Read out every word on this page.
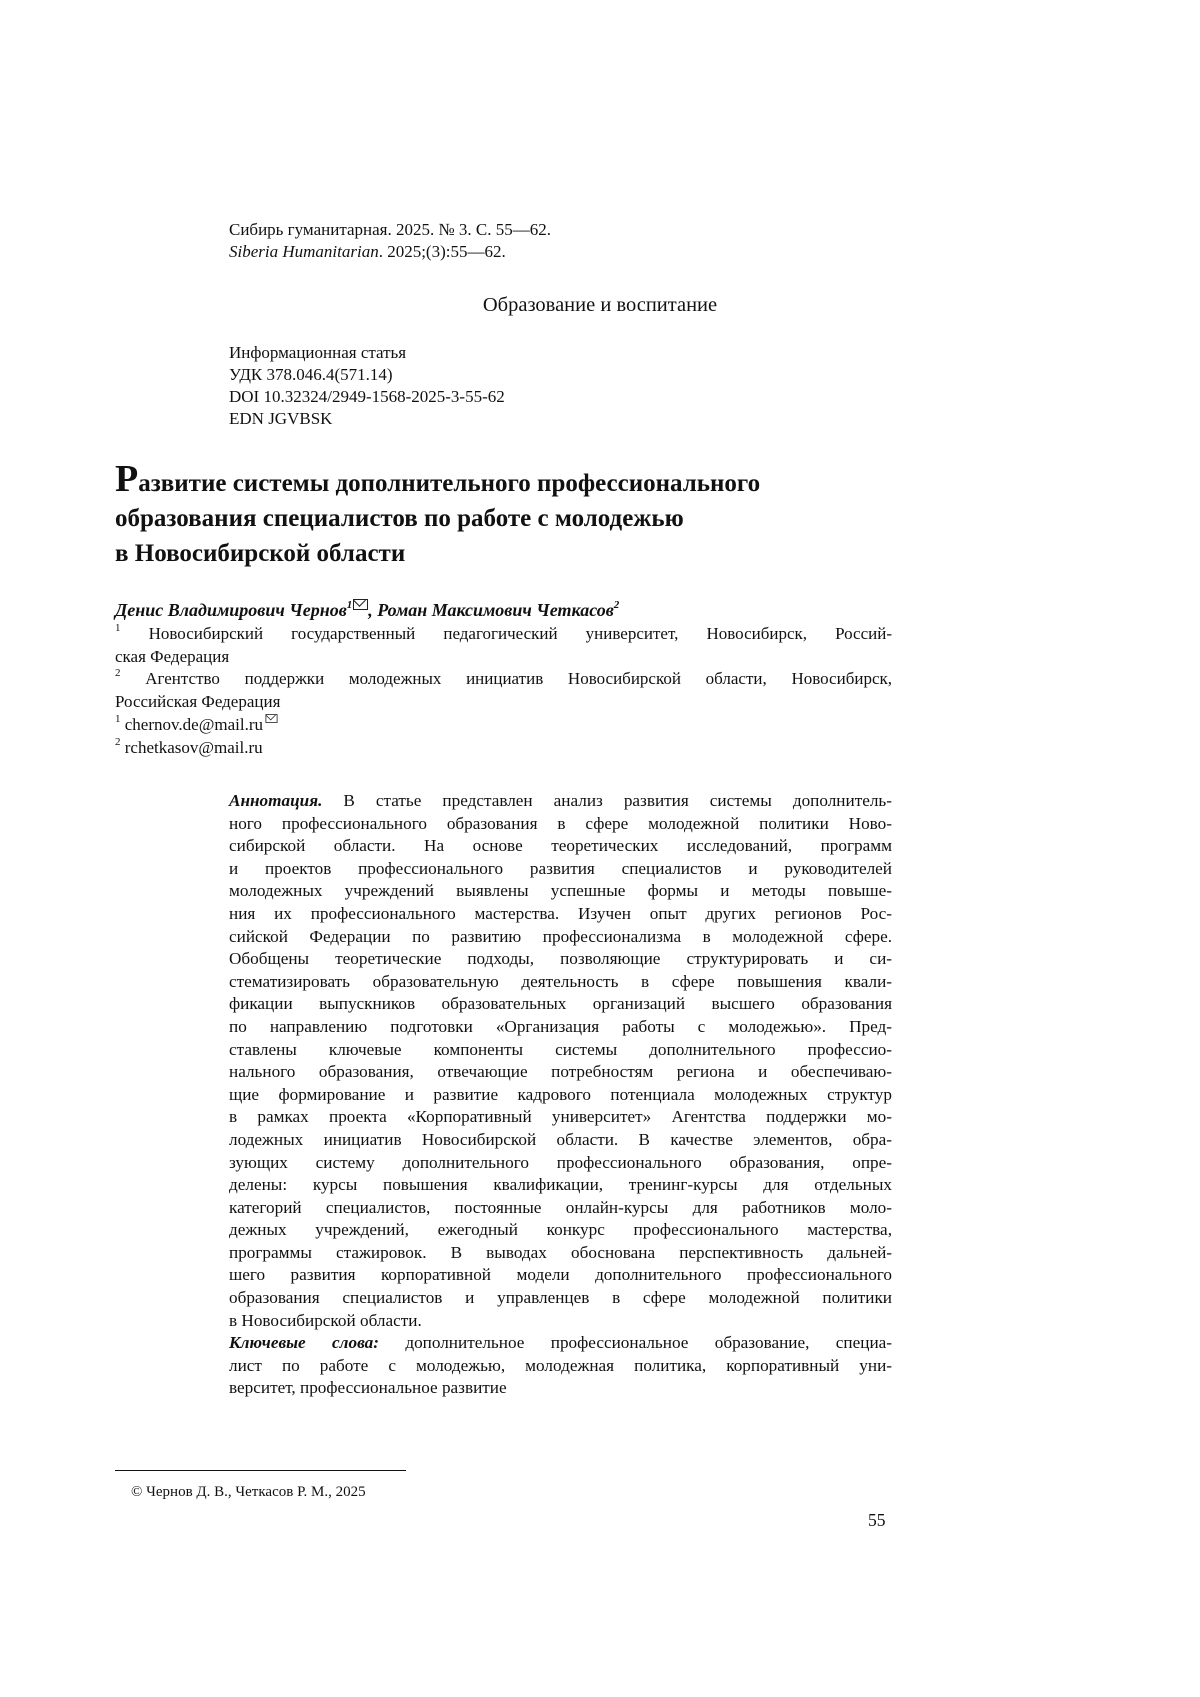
Сибирь гуманитарная. 2025. № 3. С. 55—62.
Siberia Humanitarian. 2025;(3):55—62.
Образование и воспитание
Информационная статья
УДК 378.046.4(571.14)
DOI 10.32324/2949-1568-2025-3-55-62
EDN JGVBSK
Развитие системы дополнительного профессионального
образования специалистов по работе с молодежью
в Новосибирской области
Денис Владимирович Чернов1 , Роман Максимович Четкасов2
1 Новосибирский государственный педагогический университет, Новосибирск, Россий-
ская Федерация
2 Агентство поддержки молодежных инициатив Новосибирской области, Новосибирск,
Российская Федерация
1 chernov.de@mail.ru
2 rchetkasov@mail.ru
Аннотация. В статье представлен анализ развития системы дополнитель-
ного профессионального образования в сфере молодежной политики Ново-
сибирской области. На основе теоретических исследований, программ
и проектов профессионального развития специалистов и руководителей
молодежных учреждений выявлены успешные формы и методы повыше-
ния их профессионального мастерства. Изучен опыт других регионов Рос-
сийской Федерации по развитию профессионализма в молодежной сфере.
Обобщены теоретические подходы, позволяющие структурировать и си-
стематизировать образовательную деятельность в сфере повышения квали-
фикации выпускников образовательных организаций высшего образования
по направлению подготовки «Организация работы с молодежью». Пред-
ставлены ключевые компоненты системы дополнительного профессио-
нального образования, отвечающие потребностям региона и обеспечиваю-
щие формирование и развитие кадрового потенциала молодежных структур
в рамках проекта «Корпоративный университет» Агентства поддержки мо-
лодежных инициатив Новосибирской области. В качестве элементов, обра-
зующих систему дополнительного профессионального образования, опре-
делены: курсы повышения квалификации, тренинг-курсы для отдельных
категорий специалистов, постоянные онлайн-курсы для работников моло-
дежных учреждений, ежегодный конкурс профессионального мастерства,
программы стажировок. В выводах обоснована перспективность дальней-
шего развития корпоративной модели дополнительного профессионального
образования специалистов и управленцев в сфере молодежной политики
в Новосибирской области.
Ключевые слова: дополнительное профессиональное образование, специа-
лист по работе с молодежью, молодежная политика, корпоративный уни-
верситет, профессиональное развитие
© Чернов Д. В., Четкасов Р. М., 2025
55
